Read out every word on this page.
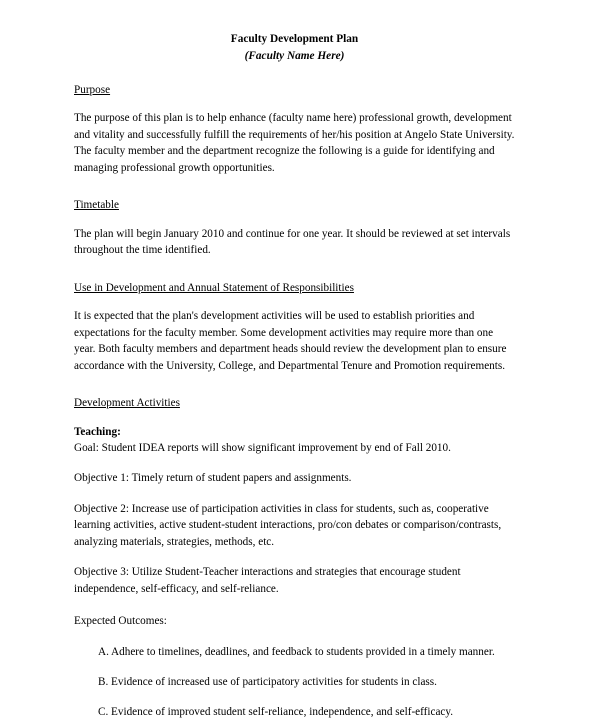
Faculty Development Plan
(Faculty Name Here)
Purpose
The purpose of this plan is to help enhance (faculty name here) professional growth, development and vitality and successfully fulfill the requirements of her/his position at Angelo State University. The faculty member and the department recognize the following is a guide for identifying and managing professional growth opportunities.
Timetable
The plan will begin January 2010 and continue for one year. It should be reviewed at set intervals throughout the time identified.
Use in Development and Annual Statement of Responsibilities
It is expected that the plan's development activities will be used to establish priorities and expectations for the faculty member. Some development activities may require more than one year. Both faculty members and department heads should review the development plan to ensure accordance with the University, College, and Departmental Tenure and Promotion requirements.
Development Activities
Teaching:
Goal: Student IDEA reports will show significant improvement by end of Fall 2010.
Objective 1: Timely return of student papers and assignments.
Objective 2: Increase use of participation activities in class for students, such as, cooperative learning activities, active student-student interactions, pro/con debates or comparison/contrasts, analyzing materials, strategies, methods, etc.
Objective 3: Utilize Student-Teacher interactions and strategies that encourage student independence, self-efficacy, and self-reliance.
Expected Outcomes:
A. Adhere to timelines, deadlines, and feedback to students provided in a timely manner.
B. Evidence of increased use of participatory activities for students in class.
C. Evidence of improved student self-reliance, independence, and self-efficacy.
